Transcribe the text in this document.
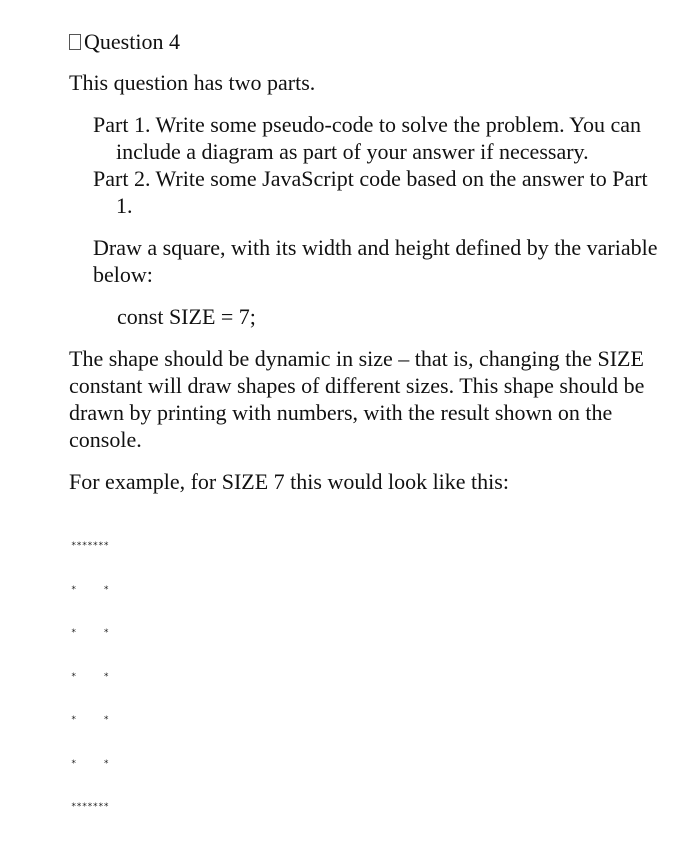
Question 4

This question has two parts.

Part 1. Write some pseudo-code to solve the problem. You can include a diagram as part of your answer if necessary.
Part 2. Write some JavaScript code based on the answer to Part 1.

Draw a square, with its width and height defined by the variable below:

const SIZE = 7;

The shape should be dynamic in size – that is, changing the SIZE constant will draw shapes of different sizes. This shape should be drawn by printing with numbers, with the result shown on the console.

For example, for SIZE 7 this would look like this:

*******

*     *

*     *

*     *

*     *

*     *

*******
